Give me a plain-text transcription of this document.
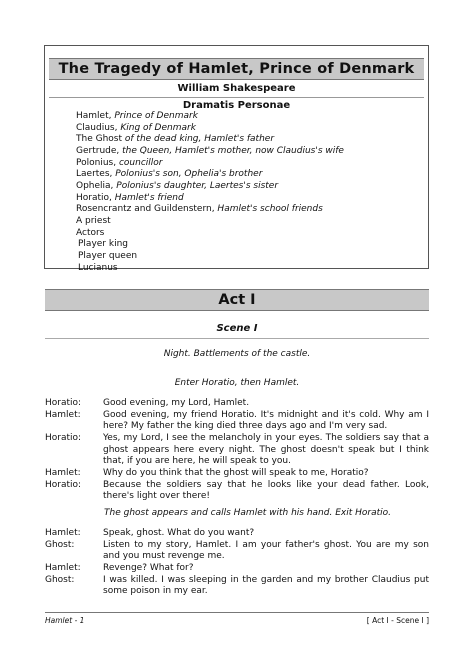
The Tragedy of Hamlet, Prince of Denmark
William Shakespeare
Dramatis Personae
Hamlet, Prince of Denmark
Claudius, King of Denmark
The Ghost of the dead king, Hamlet's father
Gertrude, the Queen, Hamlet's mother, now Claudius's wife
Polonius, councillor
Laertes, Polonius's son, Ophelia's brother
Ophelia, Polonius's daughter, Laertes's sister
Horatio, Hamlet's friend
Rosencrantz and Guildenstern, Hamlet's school friends
A priest
Actors
Player king
Player queen
Lucianus
Act I
Scene I
Night. Battlements of the castle.
Enter Horatio, then Hamlet.
Horatio:	Good evening, my Lord, Hamlet.
Hamlet:	Good evening, my friend Horatio. It's midnight and it's cold. Why am I here? My father the king died three days ago and I'm very sad.
Horatio:	Yes, my Lord, I see the melancholy in your eyes. The soldiers say that a ghost appears here every night. The ghost doesn't speak but I think that, if you are here, he will speak to you.
Hamlet:	Why do you think that the ghost will speak to me, Horatio?
Horatio:	Because the soldiers say that he looks like your dead father. Look, there's light over there!
The ghost appears and calls Hamlet with his hand. Exit Horatio.
Hamlet:	Speak, ghost. What do you want?
Ghost:	Listen to my story, Hamlet. I am your father's ghost. You are my son and you must revenge me.
Hamlet:	Revenge? What for?
Ghost:	I was killed. I was sleeping in the garden and my brother Claudius put some poison in my ear.
Hamlet - 1	[ Act I - Scene I ]
